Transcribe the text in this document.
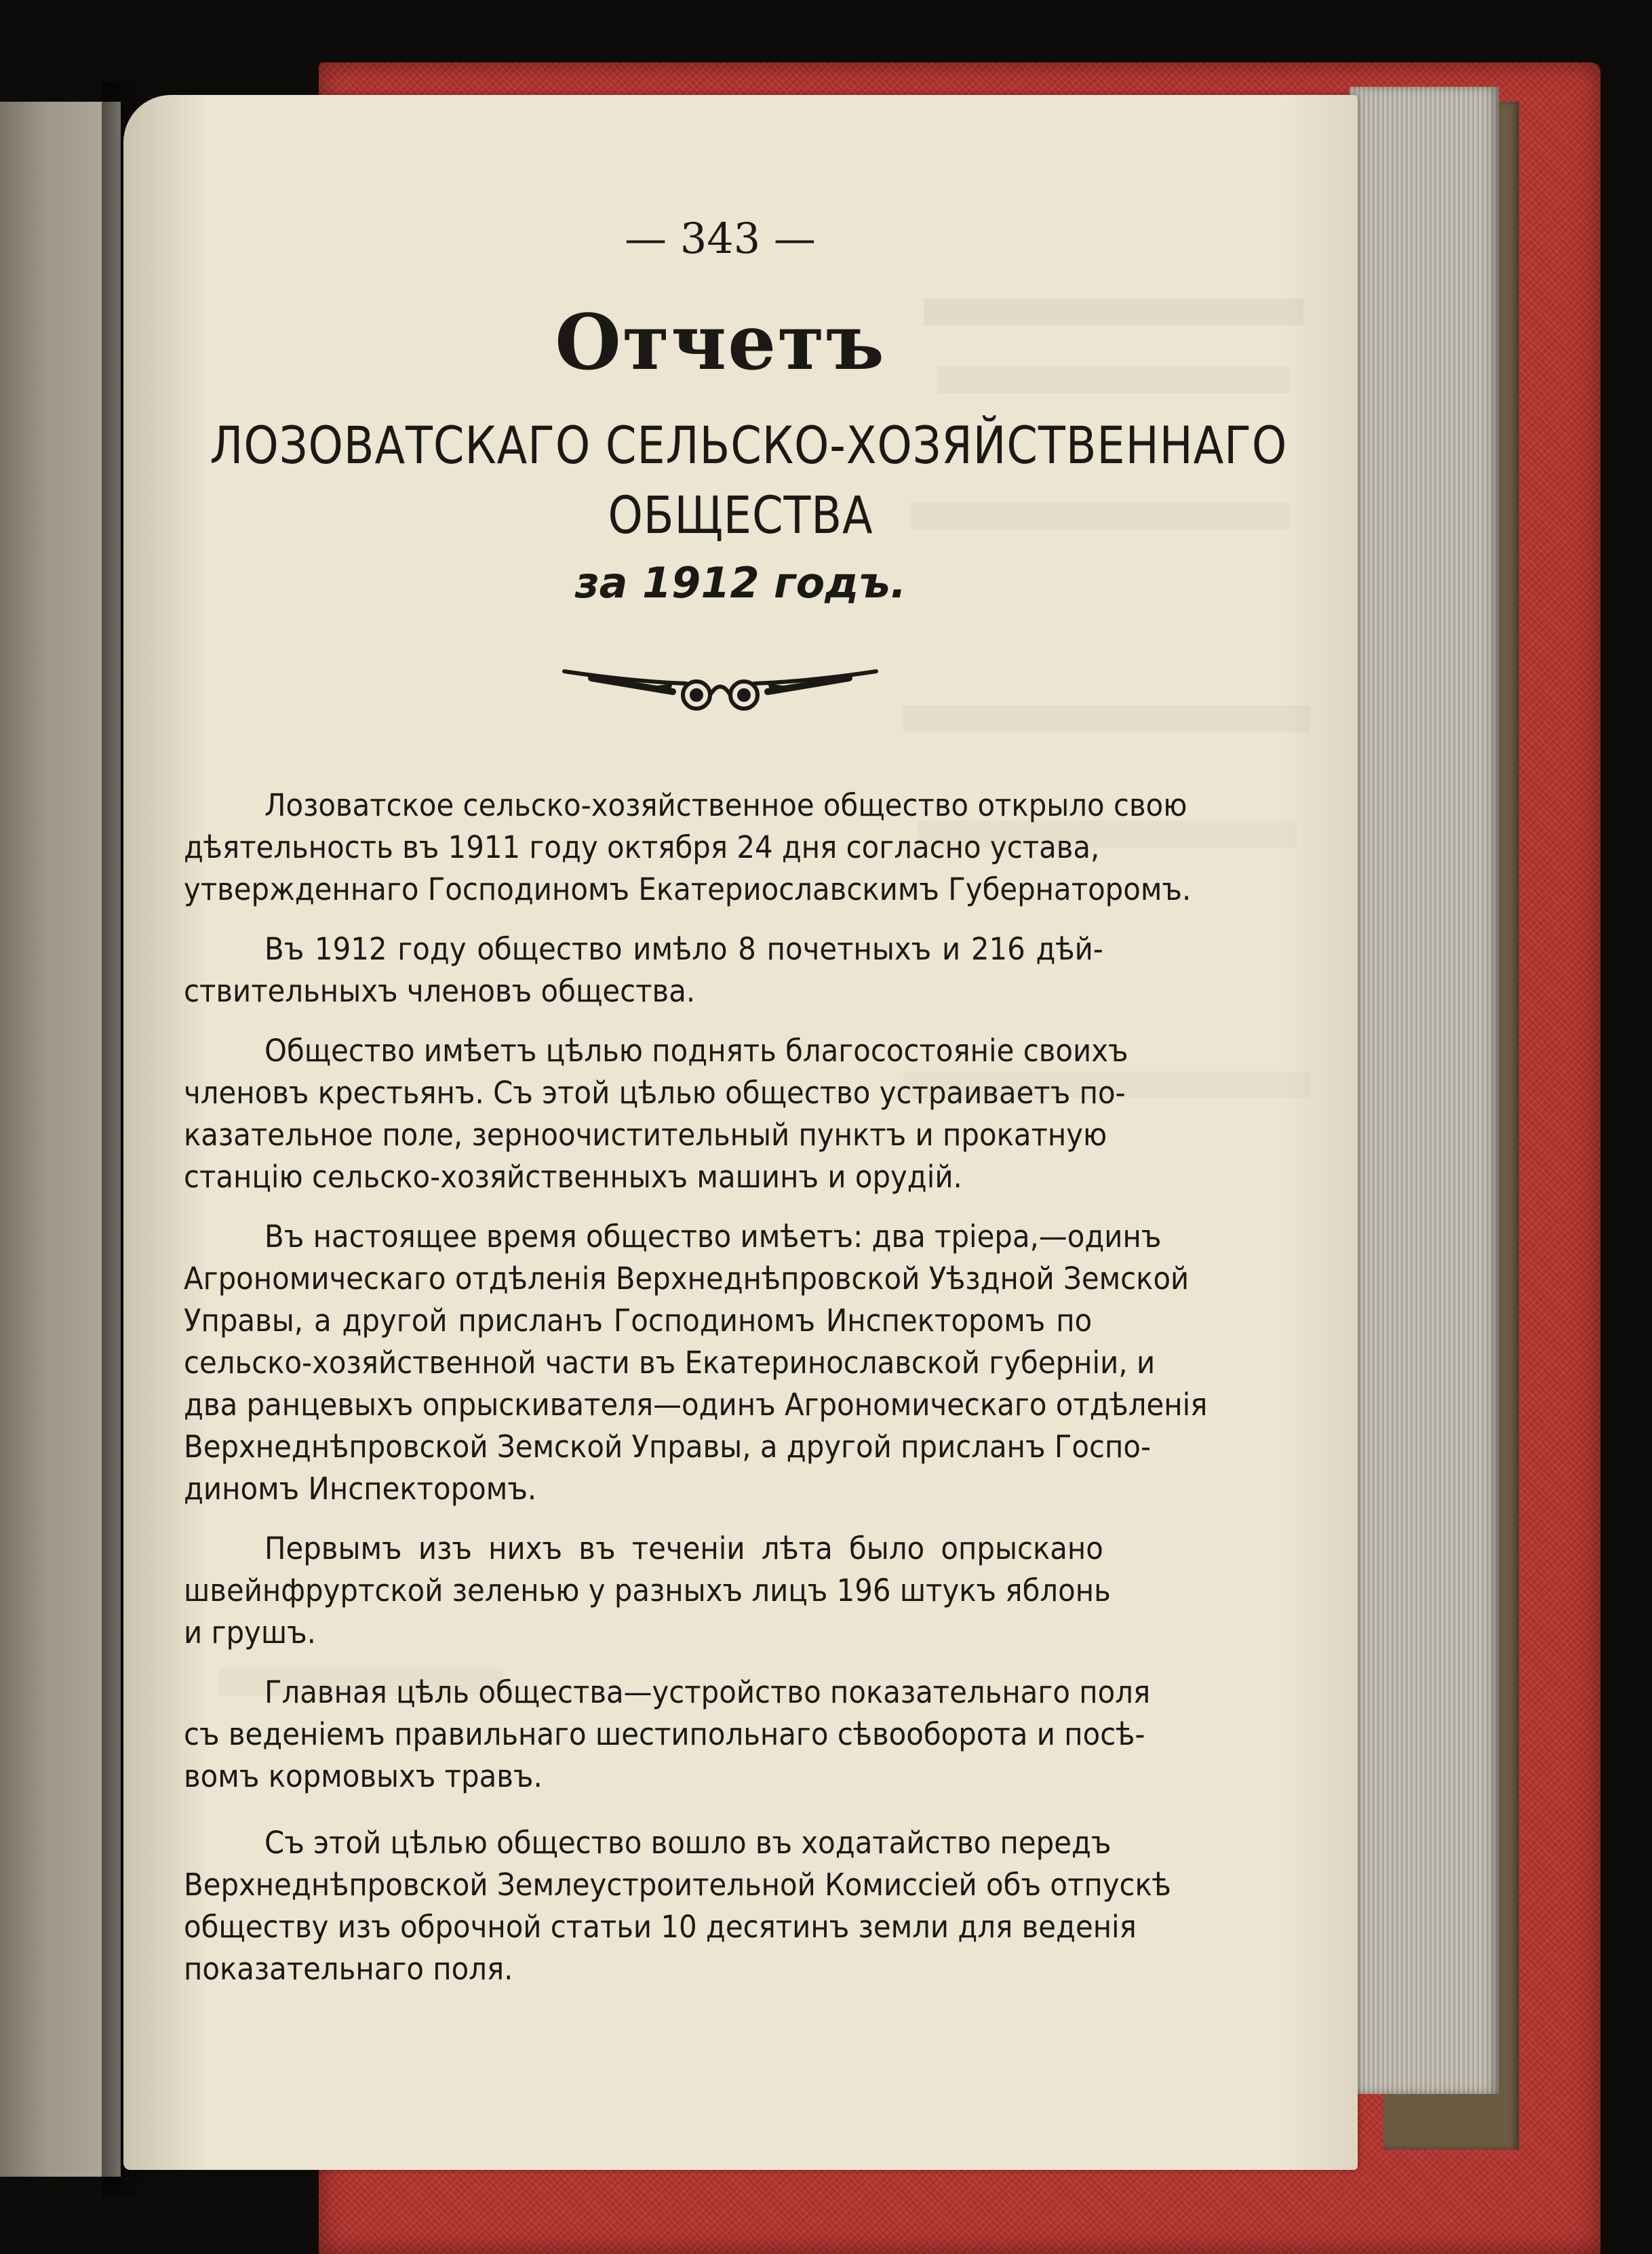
— 343 —
Отчетъ
ЛОЗОВАТСКАГО СЕЛЬСКО-ХОЗЯЙСТВЕННАГО
ОБЩЕСТВА
за 1912 годъ.
Лозоватское сельско-хозяйственное общество открыло свою
дѣятельность въ 1911 году октября 24 дня согласно устава,
утвержденнаго Господиномъ Екатериославскимъ Губернаторомъ.
Въ 1912 году общество имѣло 8 почетныхъ и 216 дѣй-
ствительныхъ членовъ общества.
Общество имѣетъ цѣлью поднять благосостояніе своихъ
членовъ крестьянъ. Съ этой цѣлью общество устраиваетъ по-
казательное поле, зерноочистительный пунктъ и прокатную
станцію сельско-хозяйственныхъ машинъ и орудій.
Въ настоящее время общество имѣетъ: два тріера,—одинъ
Агрономическаго отдѣленія Верхнеднѣпровской Уѣздной Земской
Управы, а другой присланъ Господиномъ Инспекторомъ по
сельско-хозяйственной части въ Екатеринославской губерніи, и
два ранцевыхъ опрыскивателя—одинъ Агрономическаго отдѣленія
Верхнеднѣпровской Земской Управы, а другой присланъ Госпо-
диномъ Инспекторомъ.
Первымъ изъ нихъ въ теченіи лѣта было опрыскано
швейнфруртской зеленью у разныхъ лицъ 196 штукъ яблонь
и грушъ.
Главная цѣль общества—устройство показательнаго поля
съ веденіемъ правильнаго шестипольнаго сѣвооборота и посѣ-
вомъ кормовыхъ травъ.
Съ этой цѣлью общество вошло въ ходатайство передъ
Верхнеднѣпровской Землеустроительной Комиссіей объ отпускѣ
обществу изъ оброчной статьи 10 десятинъ земли для веденія
показательнаго поля.
